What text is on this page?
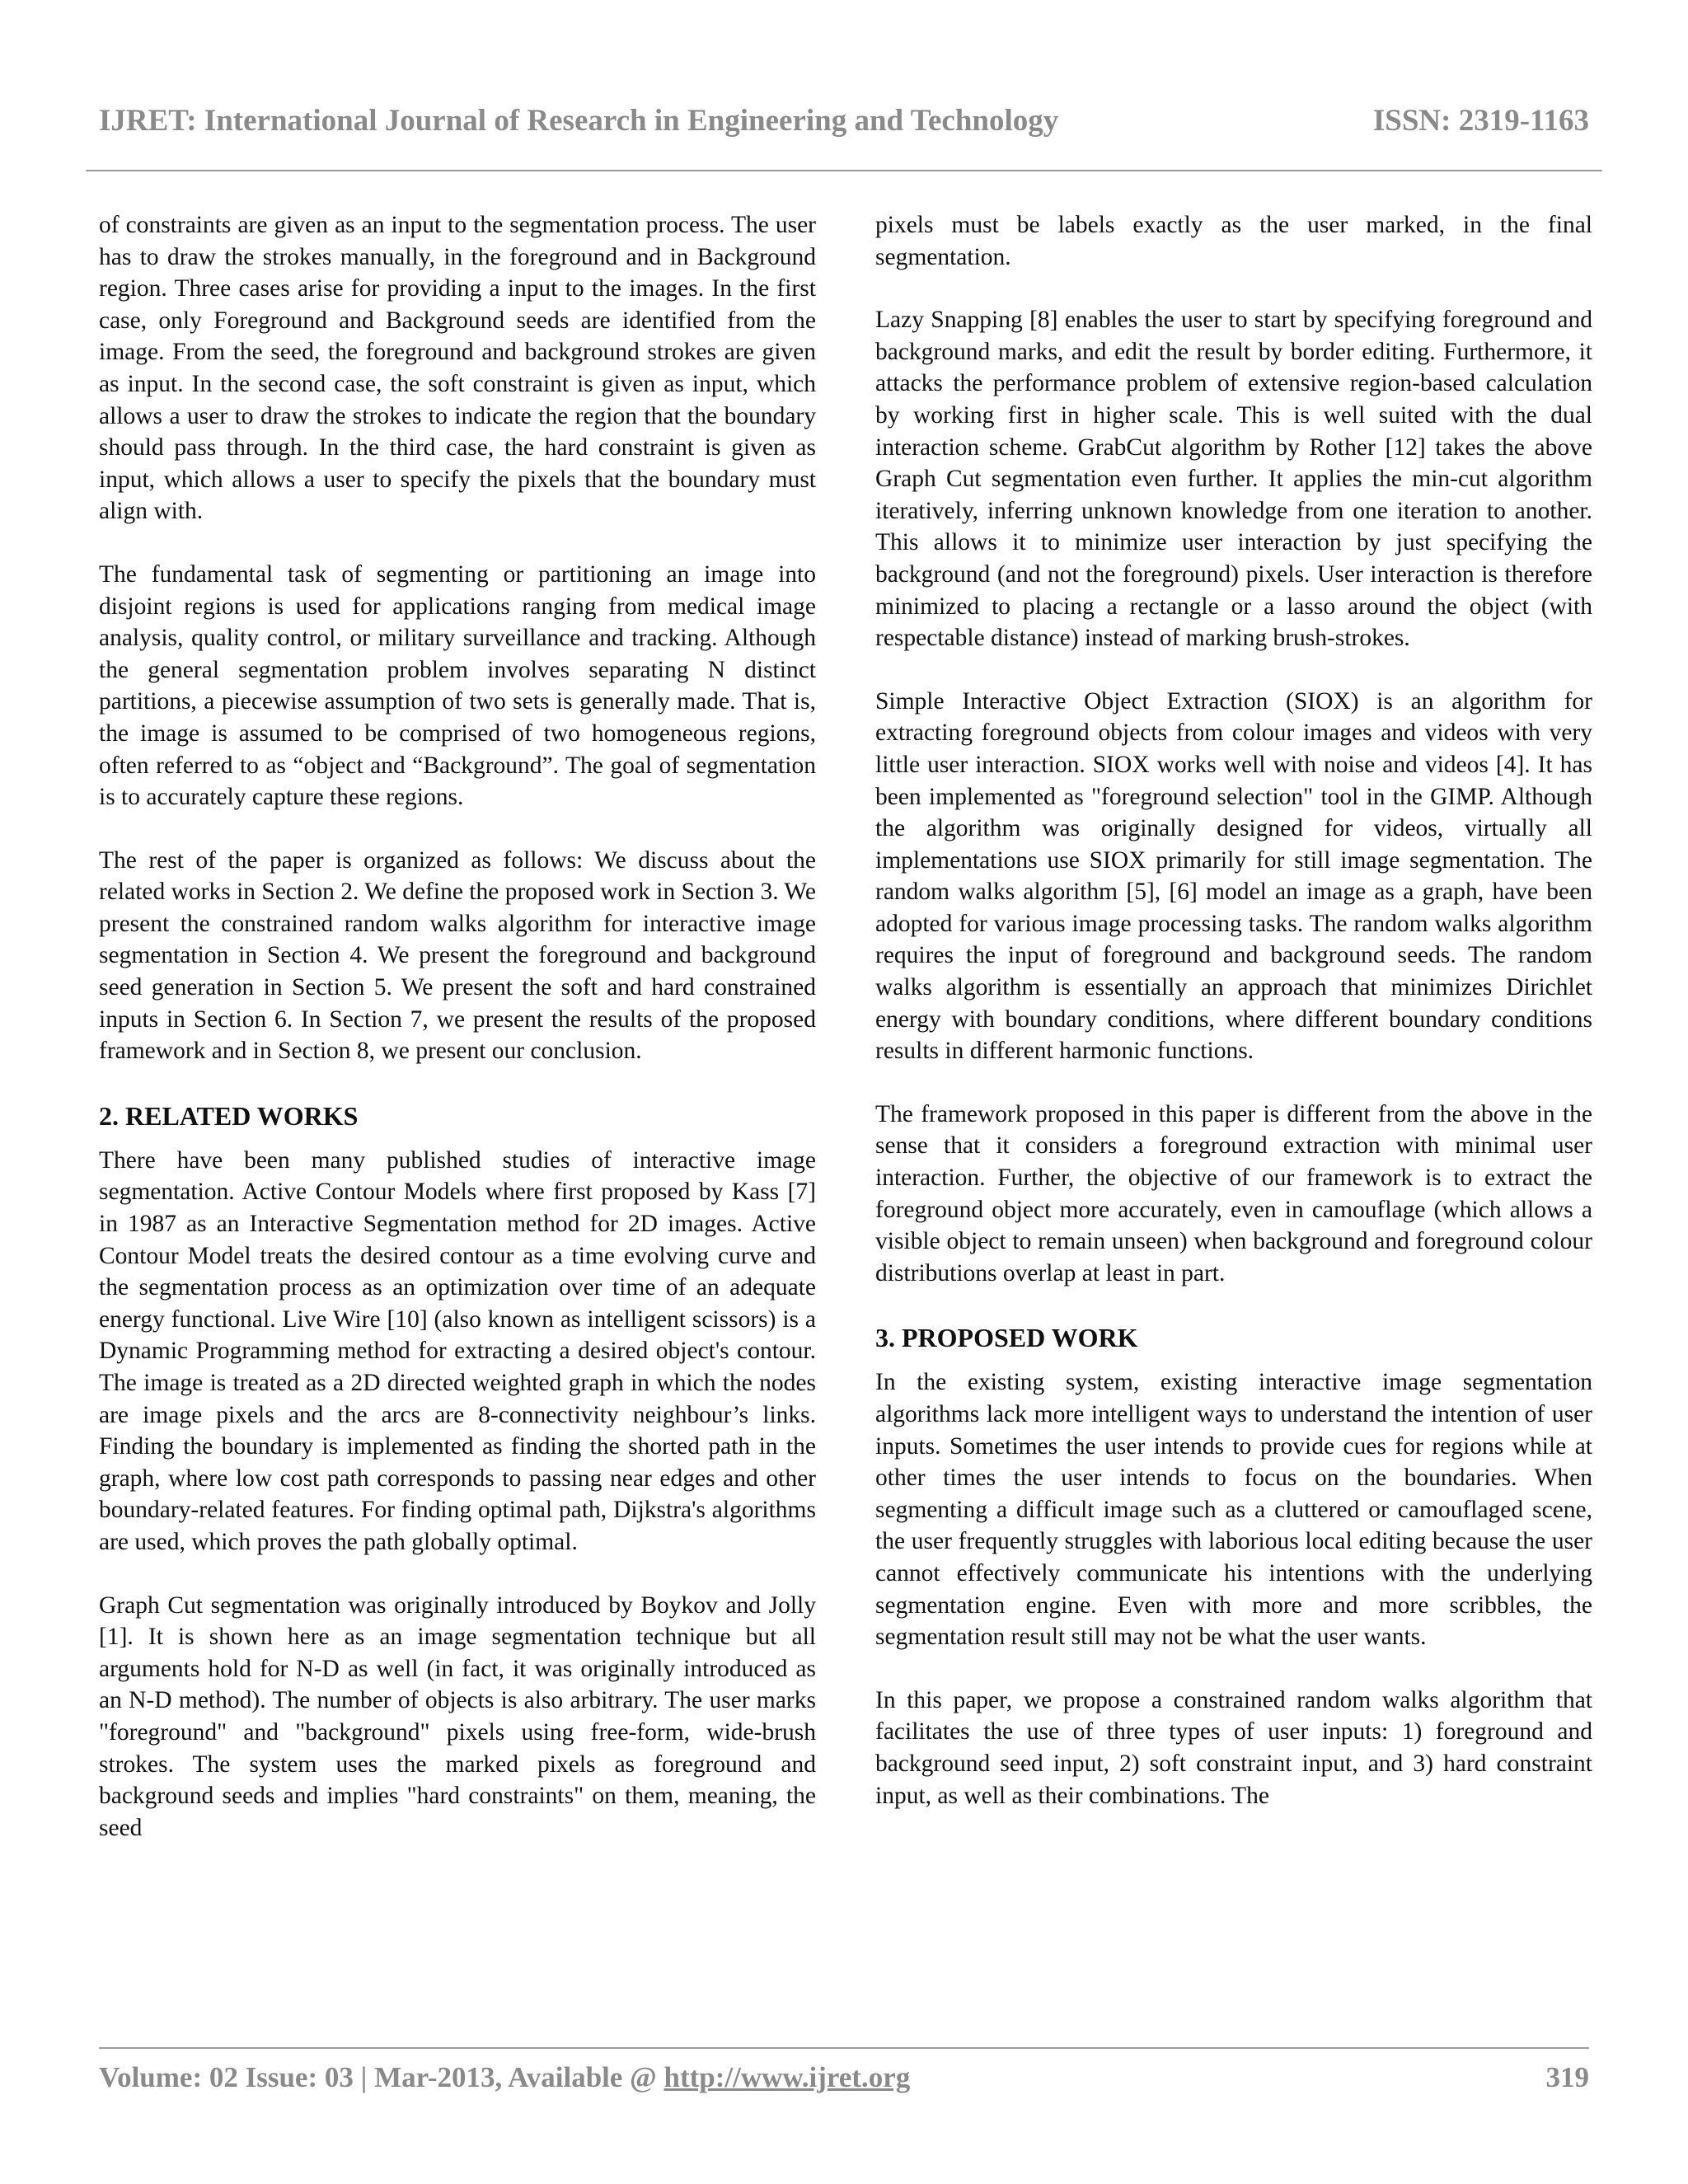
IJRET: International Journal of Research in Engineering and Technology	ISSN: 2319-1163

of constraints are given as an input to the segmentation process. The user has to draw the strokes manually, in the foreground and in Background region. Three cases arise for providing a input to the images. In the first case, only Foreground and Background seeds are identified from the image. From the seed, the foreground and background strokes are given as input. In the second case, the soft constraint is given as input, which allows a user to draw the strokes to indicate the region that the boundary should pass through. In the third case, the hard constraint is given as input, which allows a user to specify the pixels that the boundary must align with.

The fundamental task of segmenting or partitioning an image into disjoint regions is used for applications ranging from medical image analysis, quality control, or military surveillance and tracking. Although the general segmentation problem involves separating N distinct partitions, a piecewise assumption of two sets is generally made. That is, the image is assumed to be comprised of two homogeneous regions, often referred to as “object and “Background”. The goal of segmentation is to accurately capture these regions.

The rest of the paper is organized as follows: We discuss about the related works in Section 2. We define the proposed work in Section 3. We present the constrained random walks algorithm for interactive image segmentation in Section 4. We present the foreground and background seed generation in Section 5. We present the soft and hard constrained inputs in Section 6. In Section 7, we present the results of the proposed framework and in Section 8, we present our conclusion.

2. RELATED WORKS

There have been many published studies of interactive image segmentation. Active Contour Models where first proposed by Kass [7] in 1987 as an Interactive Segmentation method for 2D images. Active Contour Model treats the desired contour as a time evolving curve and the segmentation process as an optimization over time of an adequate energy functional. Live Wire [10] (also known as intelligent scissors) is a Dynamic Programming method for extracting a desired object's contour. The image is treated as a 2D directed weighted graph in which the nodes are image pixels and the arcs are 8-connectivity neighbour’s links. Finding the boundary is implemented as finding the shorted path in the graph, where low cost path corresponds to passing near edges and other boundary-related features. For finding optimal path, Dijkstra's algorithms are used, which proves the path globally optimal.

Graph Cut segmentation was originally introduced by Boykov and Jolly [1]. It is shown here as an image segmentation technique but all arguments hold for N-D as well (in fact, it was originally introduced as an N-D method). The number of objects is also arbitrary. The user marks "foreground" and "background" pixels using free-form, wide-brush strokes. The system uses the marked pixels as foreground and background seeds and implies "hard constraints" on them, meaning, the seed

pixels must be labels exactly as the user marked, in the final segmentation.

Lazy Snapping [8] enables the user to start by specifying foreground and background marks, and edit the result by border editing. Furthermore, it attacks the performance problem of extensive region-based calculation by working first in higher scale. This is well suited with the dual interaction scheme. GrabCut algorithm by Rother [12] takes the above Graph Cut segmentation even further. It applies the min-cut algorithm iteratively, inferring unknown knowledge from one iteration to another. This allows it to minimize user interaction by just specifying the background (and not the foreground) pixels. User interaction is therefore minimized to placing a rectangle or a lasso around the object (with respectable distance) instead of marking brush-strokes.

Simple Interactive Object Extraction (SIOX) is an algorithm for extracting foreground objects from colour images and videos with very little user interaction. SIOX works well with noise and videos [4]. It has been implemented as "foreground selection" tool in the GIMP. Although the algorithm was originally designed for videos, virtually all implementations use SIOX primarily for still image segmentation. The random walks algorithm [5], [6] model an image as a graph, have been adopted for various image processing tasks. The random walks algorithm requires the input of foreground and background seeds. The random walks algorithm is essentially an approach that minimizes Dirichlet energy with boundary conditions, where different boundary conditions results in different harmonic functions.

The framework proposed in this paper is different from the above in the sense that it considers a foreground extraction with minimal user interaction. Further, the objective of our framework is to extract the foreground object more accurately, even in camouflage (which allows a visible object to remain unseen) when background and foreground colour distributions overlap at least in part.

3. PROPOSED WORK

In the existing system, existing interactive image segmentation algorithms lack more intelligent ways to understand the intention of user inputs. Sometimes the user intends to provide cues for regions while at other times the user intends to focus on the boundaries. When segmenting a difficult image such as a cluttered or camouflaged scene, the user frequently struggles with laborious local editing because the user cannot effectively communicate his intentions with the underlying segmentation engine. Even with more and more scribbles, the segmentation result still may not be what the user wants.

In this paper, we propose a constrained random walks algorithm that facilitates the use of three types of user inputs: 1) foreground and background seed input, 2) soft constraint input, and 3) hard constraint input, as well as their combinations. The

Volume: 02 Issue: 03 | Mar-2013, Available @ http://www.ijret.org	319
